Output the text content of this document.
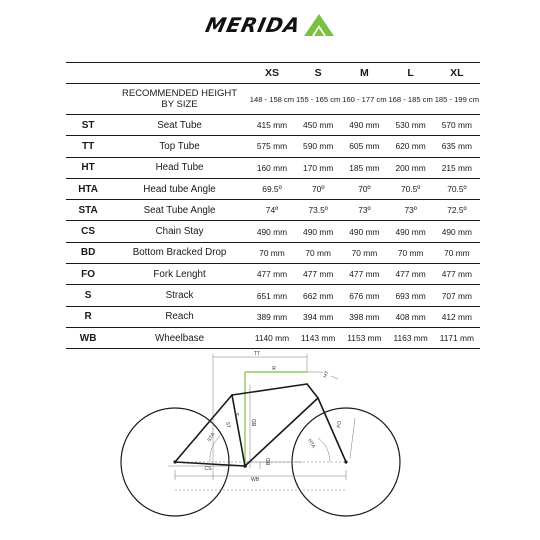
MERIDA
		XS	S	M	L	XL

	RECOMMENDED HEIGHT
BY SIZE	148 - 158 cm	155 - 165 cm	160 - 177 cm	168 - 185 cm	185 - 199 cm
ST	Seat Tube	415 mm	450 mm	490 mm	530 mm	570 mm
TT	Top Tube	575 mm	590 mm	605 mm	620 mm	635 mm
HT	Head Tube	160 mm	170 mm	185 mm	200 mm	215 mm
HTA	Head tube Angle	69.5º	70º	70º	70.5º	70.5º
STA	Seat Tube Angle	74º	73.5º	73º	73º	72.5º
CS	Chain Stay	490 mm	490 mm	490 mm	490 mm	490 mm
BD	Bottom Bracked Drop	70 mm	70 mm	70 mm	70 mm	70 mm
FO	Fork Lenght	477 mm	477 mm	477 mm	477 mm	477 mm
S	Strack	651 mm	662 mm	676 mm	693 mm	707 mm
R	Reach	389 mm	394 mm	398 mm	408 mm	412 mm
WB	Wheelbase	1140 mm	1143 mm	1153 mm	1163 mm	1171 mm
TT
R
HT
ST
S
STA
HTA
FO
CS
BD
BD
WB
